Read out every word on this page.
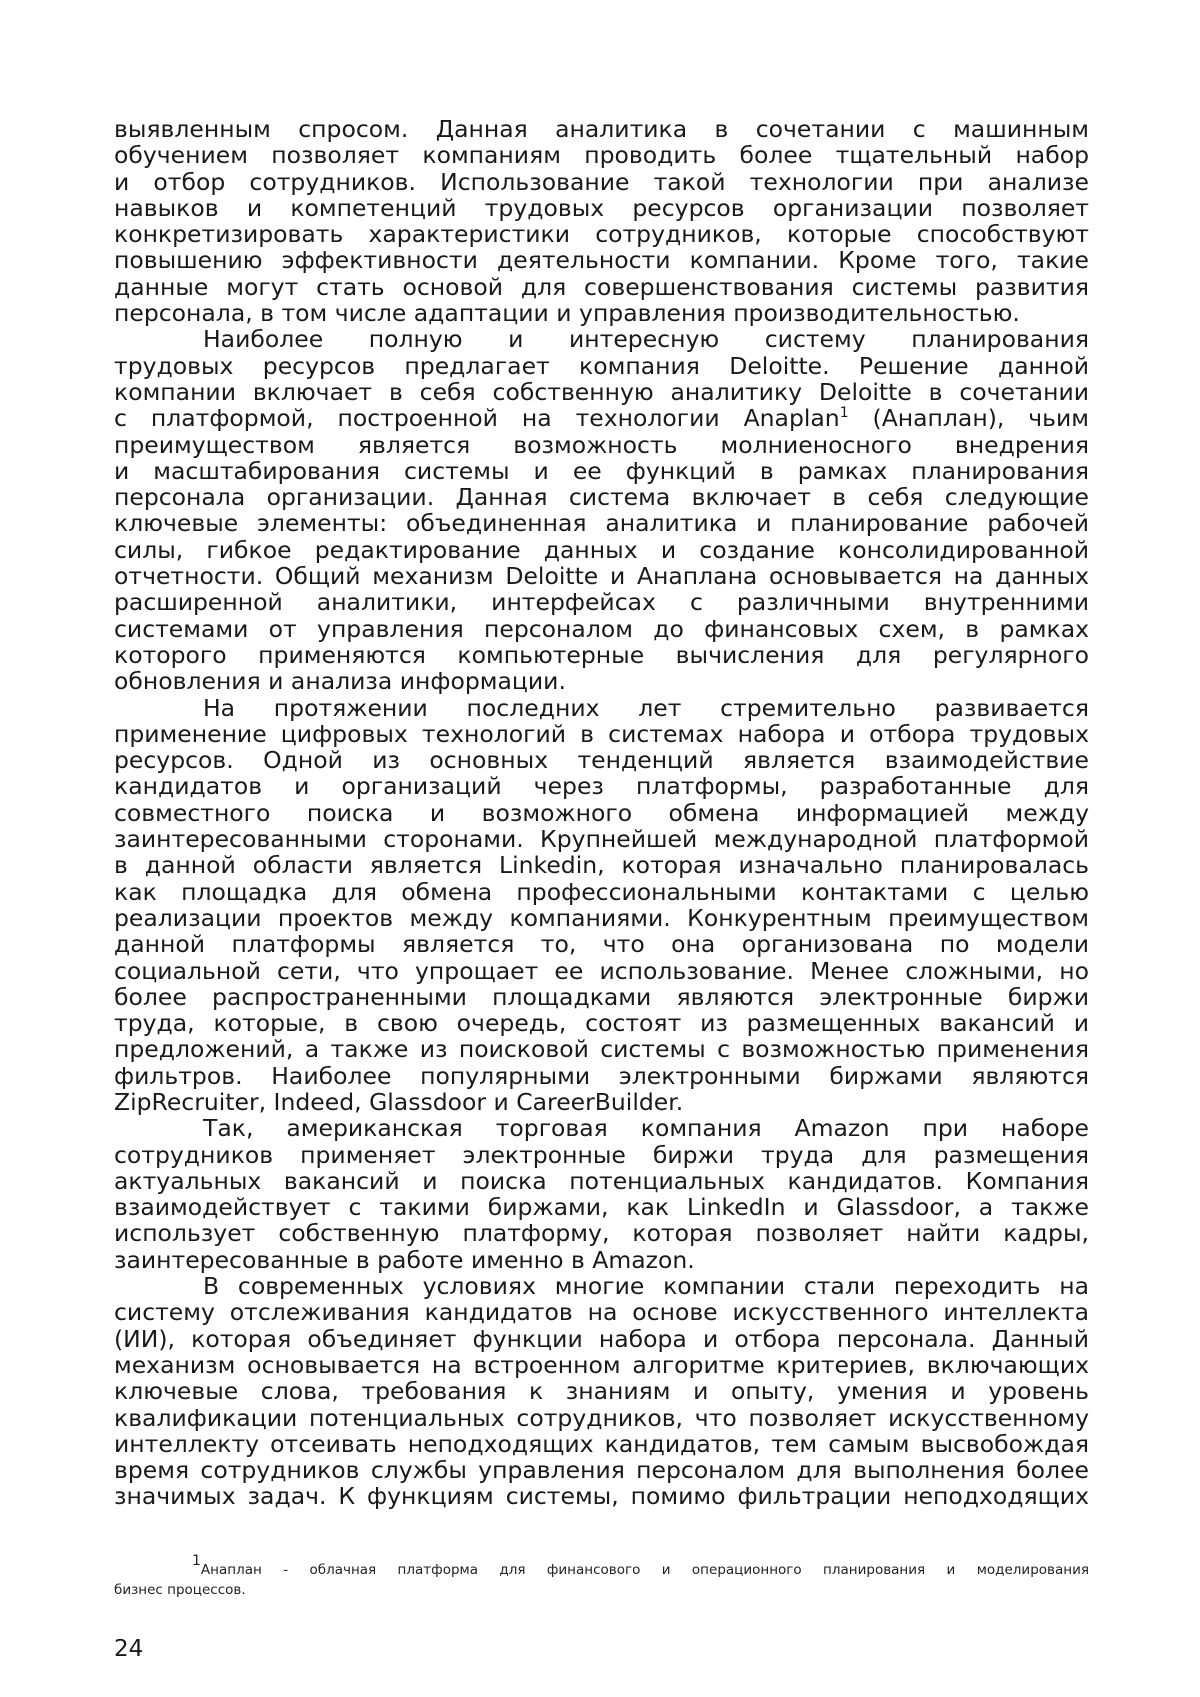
выявленным спросом. Данная аналитика в сочетании с машинным
обучением позволяет компаниям проводить более тщательный набор
и отбор сотрудников. Использование такой технологии при анализе
навыков и компетенций трудовых ресурсов организации позволяет
конкретизировать характеристики сотрудников, которые способствуют
повышению эффективности деятельности компании. Кроме того, такие
данные могут стать основой для совершенствования системы развития
персонала, в том числе адаптации и управления производительностью.
Наиболее полную и интересную систему планирования
трудовых ресурсов предлагает компания Deloitte. Решение данной
компании включает в себя собственную аналитику Deloitte в сочетании
с платформой, построенной на технологии Anaplan$^1$ (Анаплан), чьим
преимуществом является возможность молниеносного внедрения
и масштабирования системы и ее функций в рамках планирования
персонала организации. Данная система включает в себя следующие
ключевые элементы: объединенная аналитика и планирование рабочей
силы, гибкое редактирование данных и создание консолидированной
отчетности. Общий механизм Deloitte и Анаплана основывается на данных
расширенной аналитики, интерфейсах с различными внутренними
системами от управления персоналом до финансовых схем, в рамках
которого применяются компьютерные вычисления для регулярного
обновления и анализа информации.
На протяжении последних лет стремительно развивается
применение цифровых технологий в системах набора и отбора трудовых
ресурсов. Одной из основных тенденций является взаимодействие
кандидатов и организаций через платформы, разработанные для
совместного поиска и возможного обмена информацией между
заинтересованными сторонами. Крупнейшей международной платформой
в данной области является Linkedin, которая изначально планировалась
как площадка для обмена профессиональными контактами с целью
реализации проектов между компаниями. Конкурентным преимуществом
данной платформы является то, что она организована по модели
социальной сети, что упрощает ее использование. Менее сложными, но
более распространенными площадками являются электронные биржи
труда, которые, в свою очередь, состоят из размещенных вакансий и
предложений, а также из поисковой системы с возможностью применения
фильтров. Наиболее популярными электронными биржами являются
ZipRecruiter, Indeed, Glassdoor и CareerBuilder.
Так, американская торговая компания Amazon при наборе
сотрудников применяет электронные биржи труда для размещения
актуальных вакансий и поиска потенциальных кандидатов. Компания
взаимодействует с такими биржами, как LinkedIn и Glassdoor, а также
использует собственную платформу, которая позволяет найти кадры,
заинтересованные в работе именно в Amazon.
В современных условиях многие компании стали переходить на
систему отслеживания кандидатов на основе искусственного интеллекта
(ИИ), которая объединяет функции набора и отбора персонала. Данный
механизм основывается на встроенном алгоритме критериев, включающих
ключевые слова, требования к знаниям и опыту, умения и уровень
квалификации потенциальных сотрудников, что позволяет искусственному
интеллекту отсеивать неподходящих кандидатов, тем самым высвобождая
время сотрудников службы управления персоналом для выполнения более
значимых задач. К функциям системы, помимо фильтрации неподходящих
$^1$Анаплан - облачная платформа для финансового и операционного планирования и моделирования
бизнес процессов.
24
